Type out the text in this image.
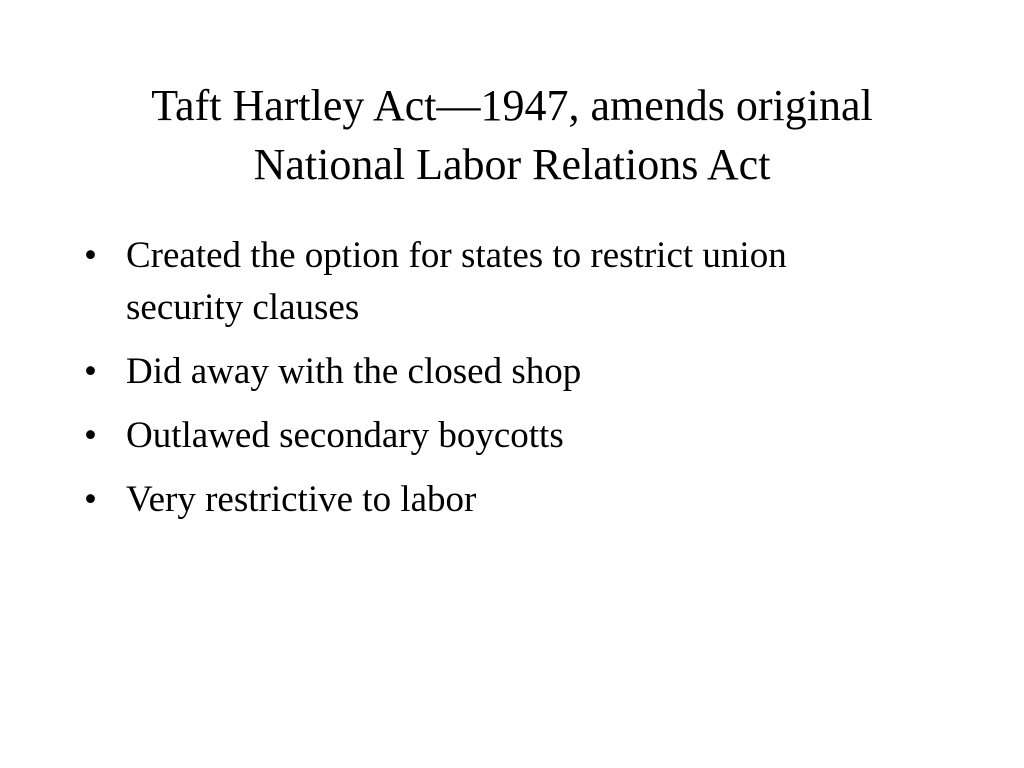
Taft Hartley Act—1947, amends original
National Labor Relations Act
• Created the option for states to restrict union security clauses
• Did away with the closed shop
• Outlawed secondary boycotts
• Very restrictive to labor
